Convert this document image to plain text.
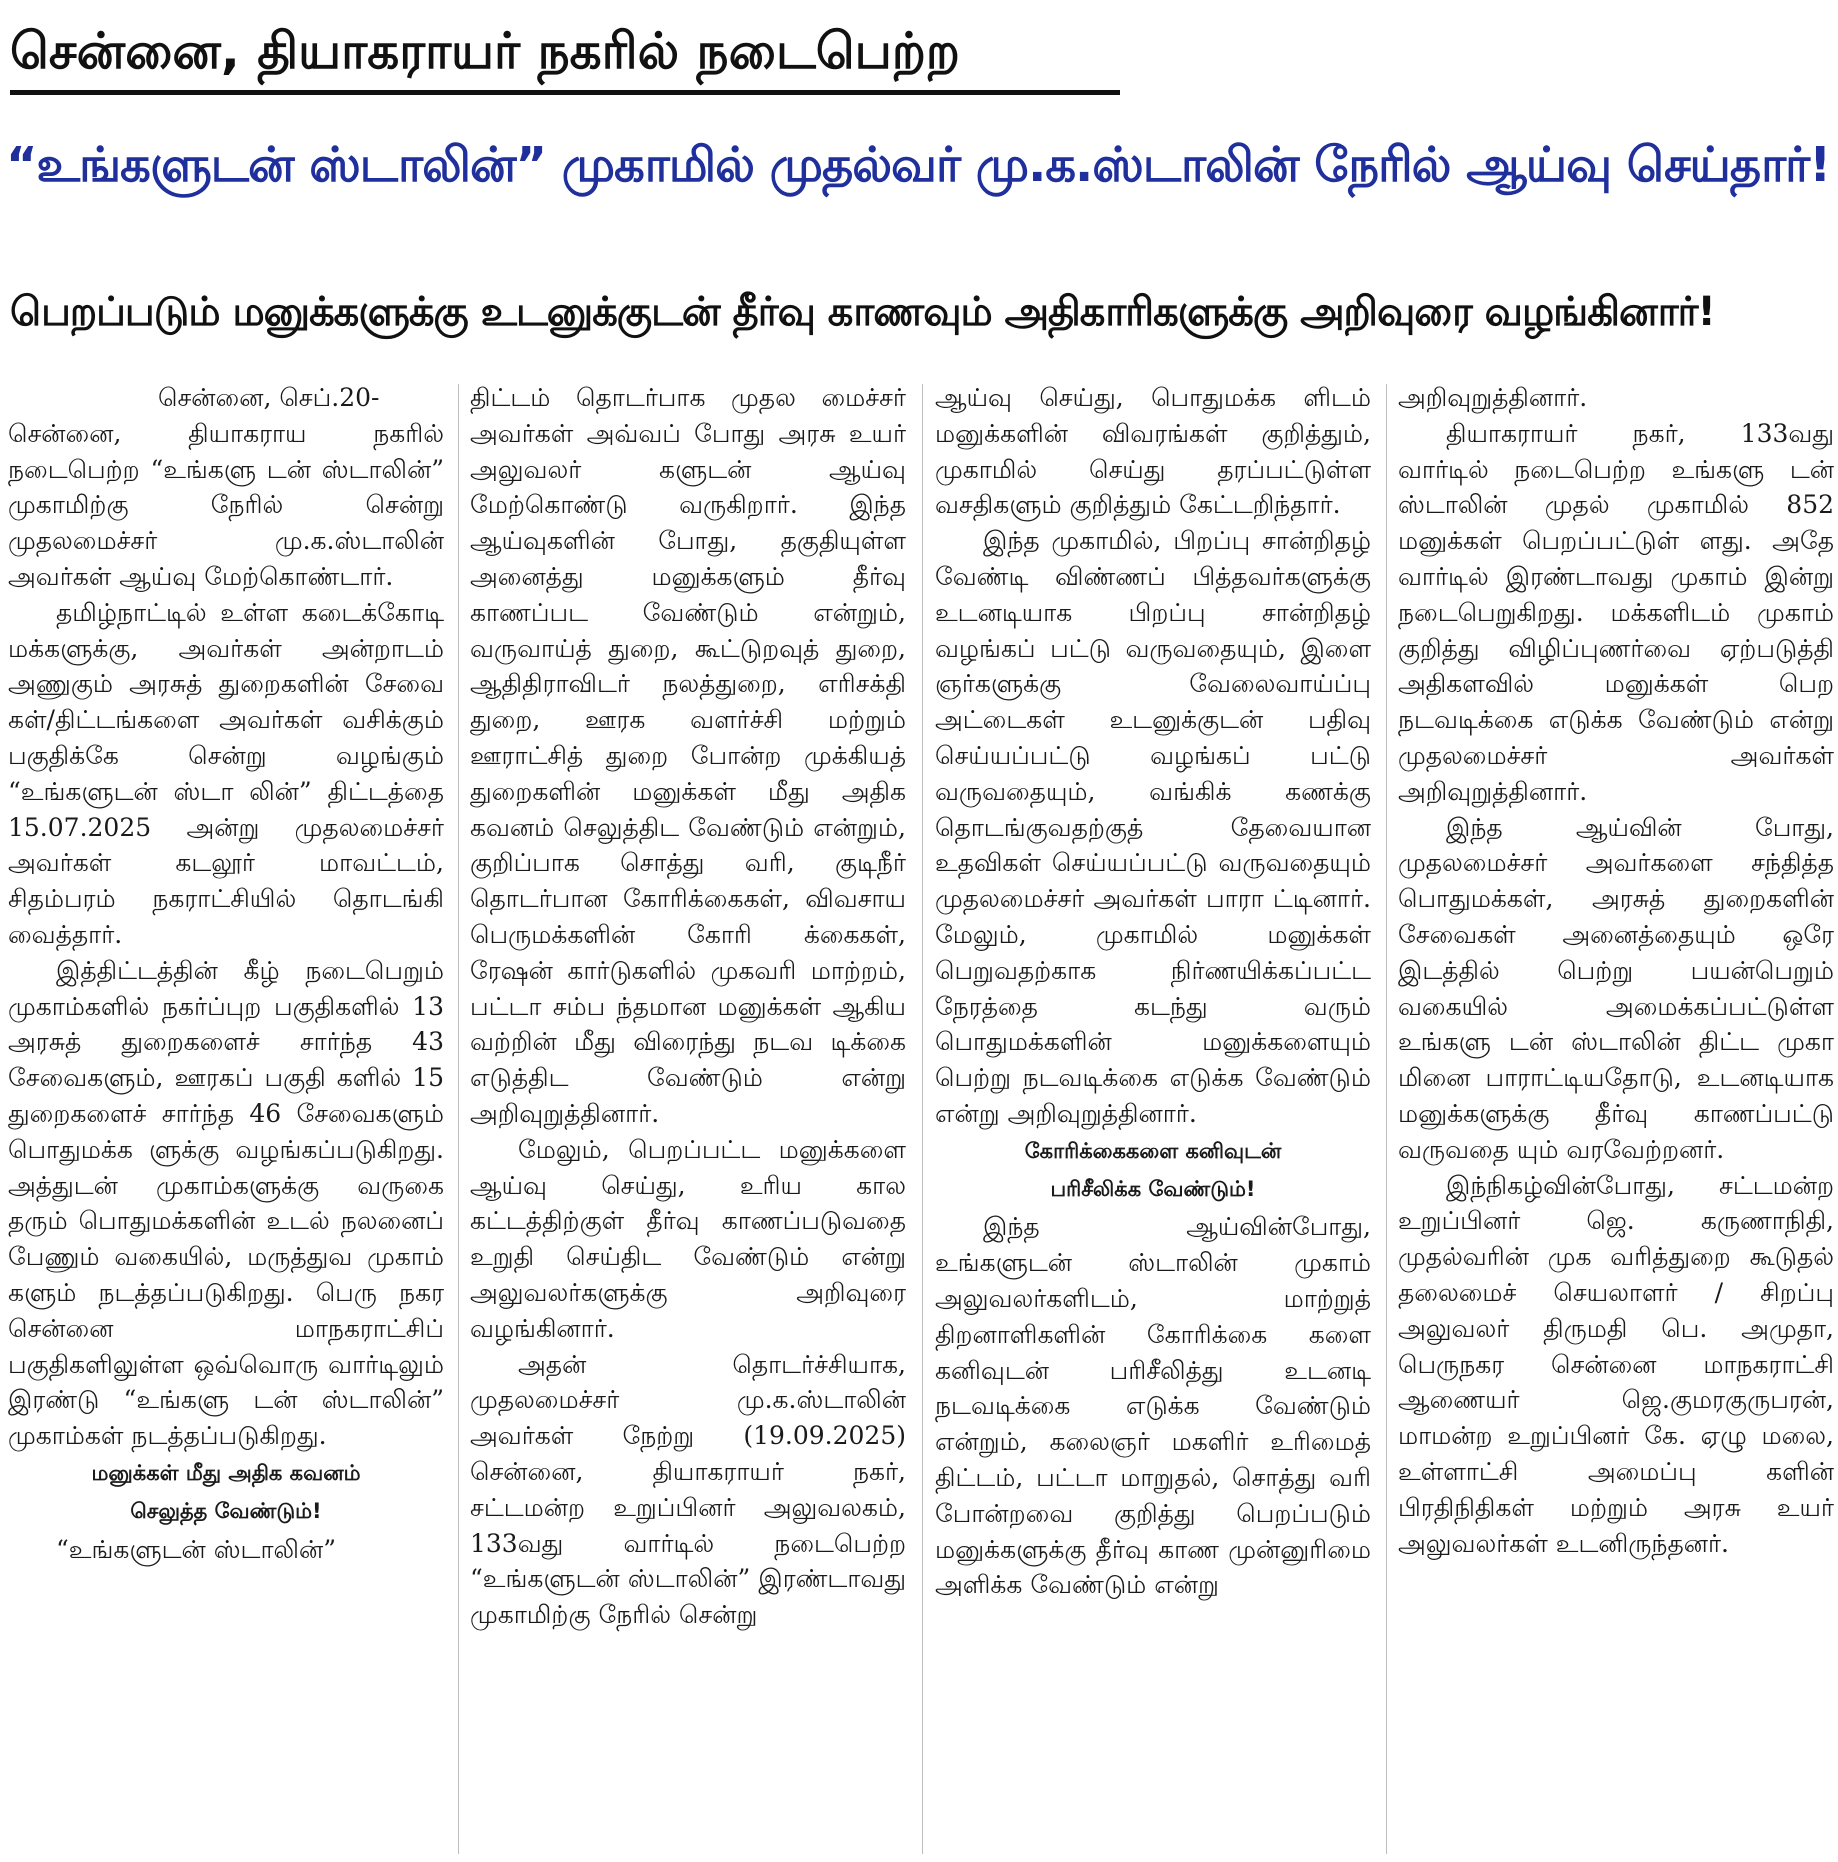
சென்னை, தியாகராயர் நகரில் நடைபெற்ற
“உங்களுடன் ஸ்டாலின்” முகாமில் முதல்வர் மு.க.ஸ்டாலின் நேரில் ஆய்வு செய்தார்!
பெறப்படும் மனுக்களுக்கு உடனுக்குடன் தீர்வு காணவும் அதிகாரிகளுக்கு அறிவுரை வழங்கினார்!

சென்னை, செப்.20-

சென்னை, தியாகராய நகரில் நடைபெற்ற “உங்களு டன் ஸ்டாலின்” முகாமிற்கு நேரில் சென்று முதலமைச்சர் மு.க.ஸ்டாலின் அவர்கள் ஆய்வு மேற்கொண்டார்.

தமிழ்நாட்டில் உள்ள கடைக்கோடி மக்களுக்கு, அவர்கள் அன்றாடம் அணுகும் அரசுத் துறைகளின் சேவை கள்/திட்டங்களை அவர்கள் வசிக்கும் பகுதிக்கே சென்று வழங்கும் “உங்களுடன் ஸ்டா லின்” திட்டத்தை 15.07.2025 அன்று முதலமைச்சர் அவர்கள் கடலூர் மாவட்டம், சிதம்பரம் நகராட்சியில் தொடங்கி வைத்தார்.

இத்திட்டத்தின் கீழ் நடைபெறும் முகாம்களில் நகர்ப்புற பகுதிகளில் 13 அரசுத் துறைகளைச் சார்ந்த 43 சேவைகளும், ஊரகப் பகுதி களில் 15 துறைகளைச் சார்ந்த 46 சேவைகளும் பொதுமக்க ளுக்கு வழங்கப்படுகிறது. அத்துடன் முகாம்களுக்கு வருகை தரும் பொதுமக்களின் உடல் நலனைப் பேணும் வகையில், மருத்துவ முகாம் களும் நடத்தப்படுகிறது. பெரு நகர சென்னை மாநகராட்சிப் பகுதிகளிலுள்ள ஒவ்வொரு வார்டிலும் இரண்டு “உங்களு டன் ஸ்டாலின்” முகாம்கள் நடத்தப்படுகிறது.

மனுக்கள் மீது அதிக கவனம்
செலுத்த வேண்டும்!

“உங்களுடன் ஸ்டாலின்”

திட்டம் தொடர்பாக முதல மைச்சர் அவர்கள் அவ்வப் போது அரசு உயர் அலுவலர் களுடன் ஆய்வு மேற்கொண்டு வருகிறார். இந்த ஆய்வுகளின் போது, தகுதியுள்ள அனைத்து மனுக்களும் தீர்வு காணப்பட வேண்டும் என்றும், வருவாய்த் துறை, கூட்டுறவுத் துறை, ஆதிதிராவிடர் நலத்துறை, எரிசக்தி துறை, ஊரக வளர்ச்சி மற்றும் ஊராட்சித் துறை போன்ற முக்கியத் துறைகளின் மனுக்கள் மீது அதிக கவனம் செலுத்திட வேண்டும் என்றும், குறிப்பாக சொத்து வரி, குடிநீர் தொடர்பான கோரிக்கைகள், விவசாய பெருமக்களின் கோரி க்கைகள், ரேஷன் கார்டுகளில் முகவரி மாற்றம், பட்டா சம்ப ந்தமான மனுக்கள் ஆகிய வற்றின் மீது விரைந்து நடவ டிக்கை எடுத்திட வேண்டும் என்று அறிவுறுத்தினார்.

மேலும், பெறப்பட்ட மனுக்களை ஆய்வு செய்து, உரிய கால கட்டத்திற்குள் தீர்வு காணப்படுவதை உறுதி செய்திட வேண்டும் என்று அலுவலர்களுக்கு அறிவுரை வழங்கினார்.

அதன் தொடர்ச்சியாக, முதலமைச்சர் மு.க.ஸ்டாலின் அவர்கள் நேற்று (19.09.2025) சென்னை, தியாகராயர் நகர், சட்டமன்ற உறுப்பினர் அலுவலகம், 133வது வார்டில் நடைபெற்ற “உங்களுடன் ஸ்டாலின்” இரண்டாவது முகாமிற்கு நேரில் சென்று

ஆய்வு செய்து, பொதுமக்க ளிடம் மனுக்களின் விவரங்கள் குறித்தும், முகாமில் செய்து தரப்பட்டுள்ள வசதிகளும் குறித்தும் கேட்டறிந்தார்.

இந்த முகாமில், பிறப்பு சான்றிதழ் வேண்டி விண்ணப் பித்தவர்களுக்கு உடனடியாக பிறப்பு சான்றிதழ் வழங்கப் பட்டு வருவதையும், இளை ஞர்களுக்கு வேலைவாய்ப்பு அட்டைகள் உடனுக்குடன் பதிவு செய்யப்பட்டு வழங்கப் பட்டு வருவதையும், வங்கிக் கணக்கு தொடங்குவதற்குத் தேவையான உதவிகள் செய்யப்பட்டு வருவதையும் முதலமைச்சர் அவர்கள் பாரா ட்டினார். மேலும், முகாமில் மனுக்கள் பெறுவதற்காக நிர்ணயிக்கப்பட்ட நேரத்தை கடந்து வரும் பொதுமக்களின் மனுக்களையும் பெற்று நடவடிக்கை எடுக்க வேண்டும் என்று அறிவுறுத்தினார்.

கோரிக்கைகளை கனிவுடன்
பரிசீலிக்க வேண்டும்!

இந்த ஆய்வின்போது, உங்களுடன் ஸ்டாலின் முகாம் அலுவலர்களிடம், மாற்றுத் திறனாளிகளின் கோரிக்கை களை கனிவுடன் பரிசீலித்து உடனடி நடவடிக்கை எடுக்க வேண்டும் என்றும், கலைஞர் மகளிர் உரிமைத் திட்டம், பட்டா மாறுதல், சொத்து வரி போன்றவை குறித்து பெறப்படும் மனுக்களுக்கு தீர்வு காண முன்னுரிமை அளிக்க வேண்டும் என்று

அறிவுறுத்தினார்.

தியாகராயர் நகர், 133வது வார்டில் நடைபெற்ற உங்களு டன் ஸ்டாலின் முதல் முகாமில் 852 மனுக்கள் பெறப்பட்டுள் ளது. அதே வார்டில் இரண்டாவது முகாம் இன்று நடைபெறுகிறது. மக்களிடம் முகாம் குறித்து விழிப்புணர்வை ஏற்படுத்தி அதிகளவில் மனுக்கள் பெற நடவடிக்கை எடுக்க வேண்டும் என்று முதலமைச்சர் அவர்கள் அறிவுறுத்தினார்.

இந்த ஆய்வின் போது, முதலமைச்சர் அவர்களை சந்தித்த பொதுமக்கள், அரசுத் துறைகளின் சேவைகள் அனைத்தையும் ஒரே இடத்தில் பெற்று பயன்பெறும் வகையில் அமைக்கப்பட்டுள்ள உங்களு டன் ஸ்டாலின் திட்ட முகா மினை பாராட்டியதோடு, உடனடியாக மனுக்களுக்கு தீர்வு காணப்பட்டு வருவதை யும் வரவேற்றனர்.

இந்நிகழ்வின்போது, சட்டமன்ற உறுப்பினர் ஜெ. கருணாநிதி, முதல்வரின் முக வரித்துறை கூடுதல் தலைமைச் செயலாளர் / சிறப்பு அலுவலர் திருமதி பெ. அமுதா, பெருநகர சென்னை மாநகராட்சி ஆணையர் ஜெ.குமரகுருபரன், மாமன்ற உறுப்பினர் கே. ஏழு மலை, உள்ளாட்சி அமைப்பு களின் பிரதிநிதிகள் மற்றும் அரசு உயர் அலுவலர்கள் உடனிருந்தனர்.
